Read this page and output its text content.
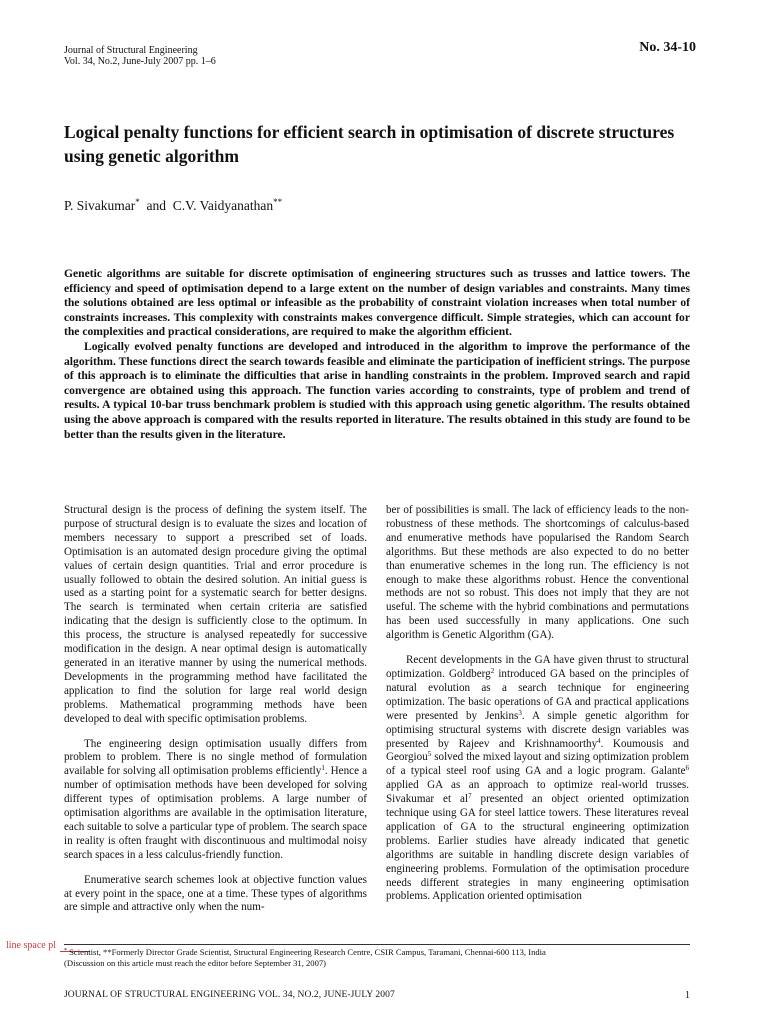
Journal of Structural Engineering
Vol. 34, No.2, June-July 2007 pp. 1–6
No. 34-10
Logical penalty functions for efficient search in optimisation of discrete structures using genetic algorithm
P. Sivakumar* and C.V. Vaidyanathan**

Genetic algorithms are suitable for discrete optimisation of engineering structures such as trusses and lattice towers. The efficiency and speed of optimisation depend to a large extent on the number of design variables and constraints. Many times the solutions obtained are less optimal or infeasible as the probability of constraint violation increases when total number of constraints increases. This complexity with constraints makes convergence difficult. Simple strategies, which can account for the complexities and practical considerations, are required to make the algorithm efficient.

Logically evolved penalty functions are developed and introduced in the algorithm to improve the performance of the algorithm. These functions direct the search towards feasible and eliminate the participation of inefficient strings. The purpose of this approach is to eliminate the difficulties that arise in handling constraints in the problem. Improved search and rapid convergence are obtained using this approach. The function varies according to constraints, type of problem and trend of results. A typical 10-bar truss benchmark problem is studied with this approach using genetic algorithm. The results obtained using the above approach is compared with the results reported in literature. The results obtained in this study are found to be better than the results given in the literature.

Structural design is the process of defining the system itself. The purpose of structural design is to evaluate the sizes and location of members necessary to support a prescribed set of loads. Optimisation is an automated design procedure giving the optimal values of certain design quantities. Trial and error procedure is usually followed to obtain the desired solution. An initial guess is used as a starting point for a systematic search for better designs. The search is terminated when certain criteria are satisfied indicating that the design is sufficiently close to the optimum. In this process, the structure is analysed repeatedly for successive modification in the design. A near optimal design is automatically generated in an iterative manner by using the numerical methods. Developments in the programming method have facilitated the application to find the solution for large real world design problems. Mathematical programming methods have been developed to deal with specific optimisation problems.

The engineering design optimisation usually differs from problem to problem. There is no single method of formulation available for solving all optimisation problems efficiently$^1$. Hence a number of optimisation methods have been developed for solving different types of optimisation problems. A large number of optimisation algorithms are available in the optimisation literature, each suitable to solve a particular type of problem. The search space in reality is often fraught with discontinuous and multimodal noisy search spaces in a less calculus-friendly function.

Enumerative search schemes look at objective function values at every point in the space, one at a time. These types of algorithms are simple and attractive only when the num-

ber of possibilities is small. The lack of efficiency leads to the non-robustness of these methods. The shortcomings of calculus-based and enumerative methods have popularised the Random Search algorithms. But these methods are also expected to do no better than enumerative schemes in the long run. The efficiency is not enough to make these algorithms robust. Hence the conventional methods are not so robust. This does not imply that they are not useful. The scheme with the hybrid combinations and permutations has been used successfully in many applications. One such algorithm is Genetic Algorithm (GA).

Recent developments in the GA have given thrust to structural optimization. Goldberg$^2$ introduced GA based on the principles of natural evolution as a search technique for engineering optimization. The basic operations of GA and practical applications were presented by Jenkins$^3$. A simple genetic algorithm for optimising structural systems with discrete design variables was presented by Rajeev and Krishnamoorthy$^4$. Koumousis and Georgiou$^5$ solved the mixed layout and sizing optimization problem of a typical steel roof using GA and a logic program. Galante$^6$ applied GA as an approach to optimize real-world trusses. Sivakumar et $al^7$ presented an object oriented optimization technique using GA for steel lattice towers. These literatures reveal application of GA to the structural engineering optimization problems. Earlier studies have already indicated that genetic algorithms are suitable in handling discrete design variables of engineering problems. Formulation of the optimisation procedure needs different strategies in many engineering optimisation problems. Application oriented optimisation

line space pl * Scientist, **Formerly Director Grade Scientist, Structural Engineering Research Centre, CSIR Campus, Taramani, Chennai-600 113, India
(Discussion on this article must reach the editor before September 31, 2007)
JOURNAL OF STRUCTURAL ENGINEERING VOL. 34, NO.2, JUNE-JULY 2007	1
